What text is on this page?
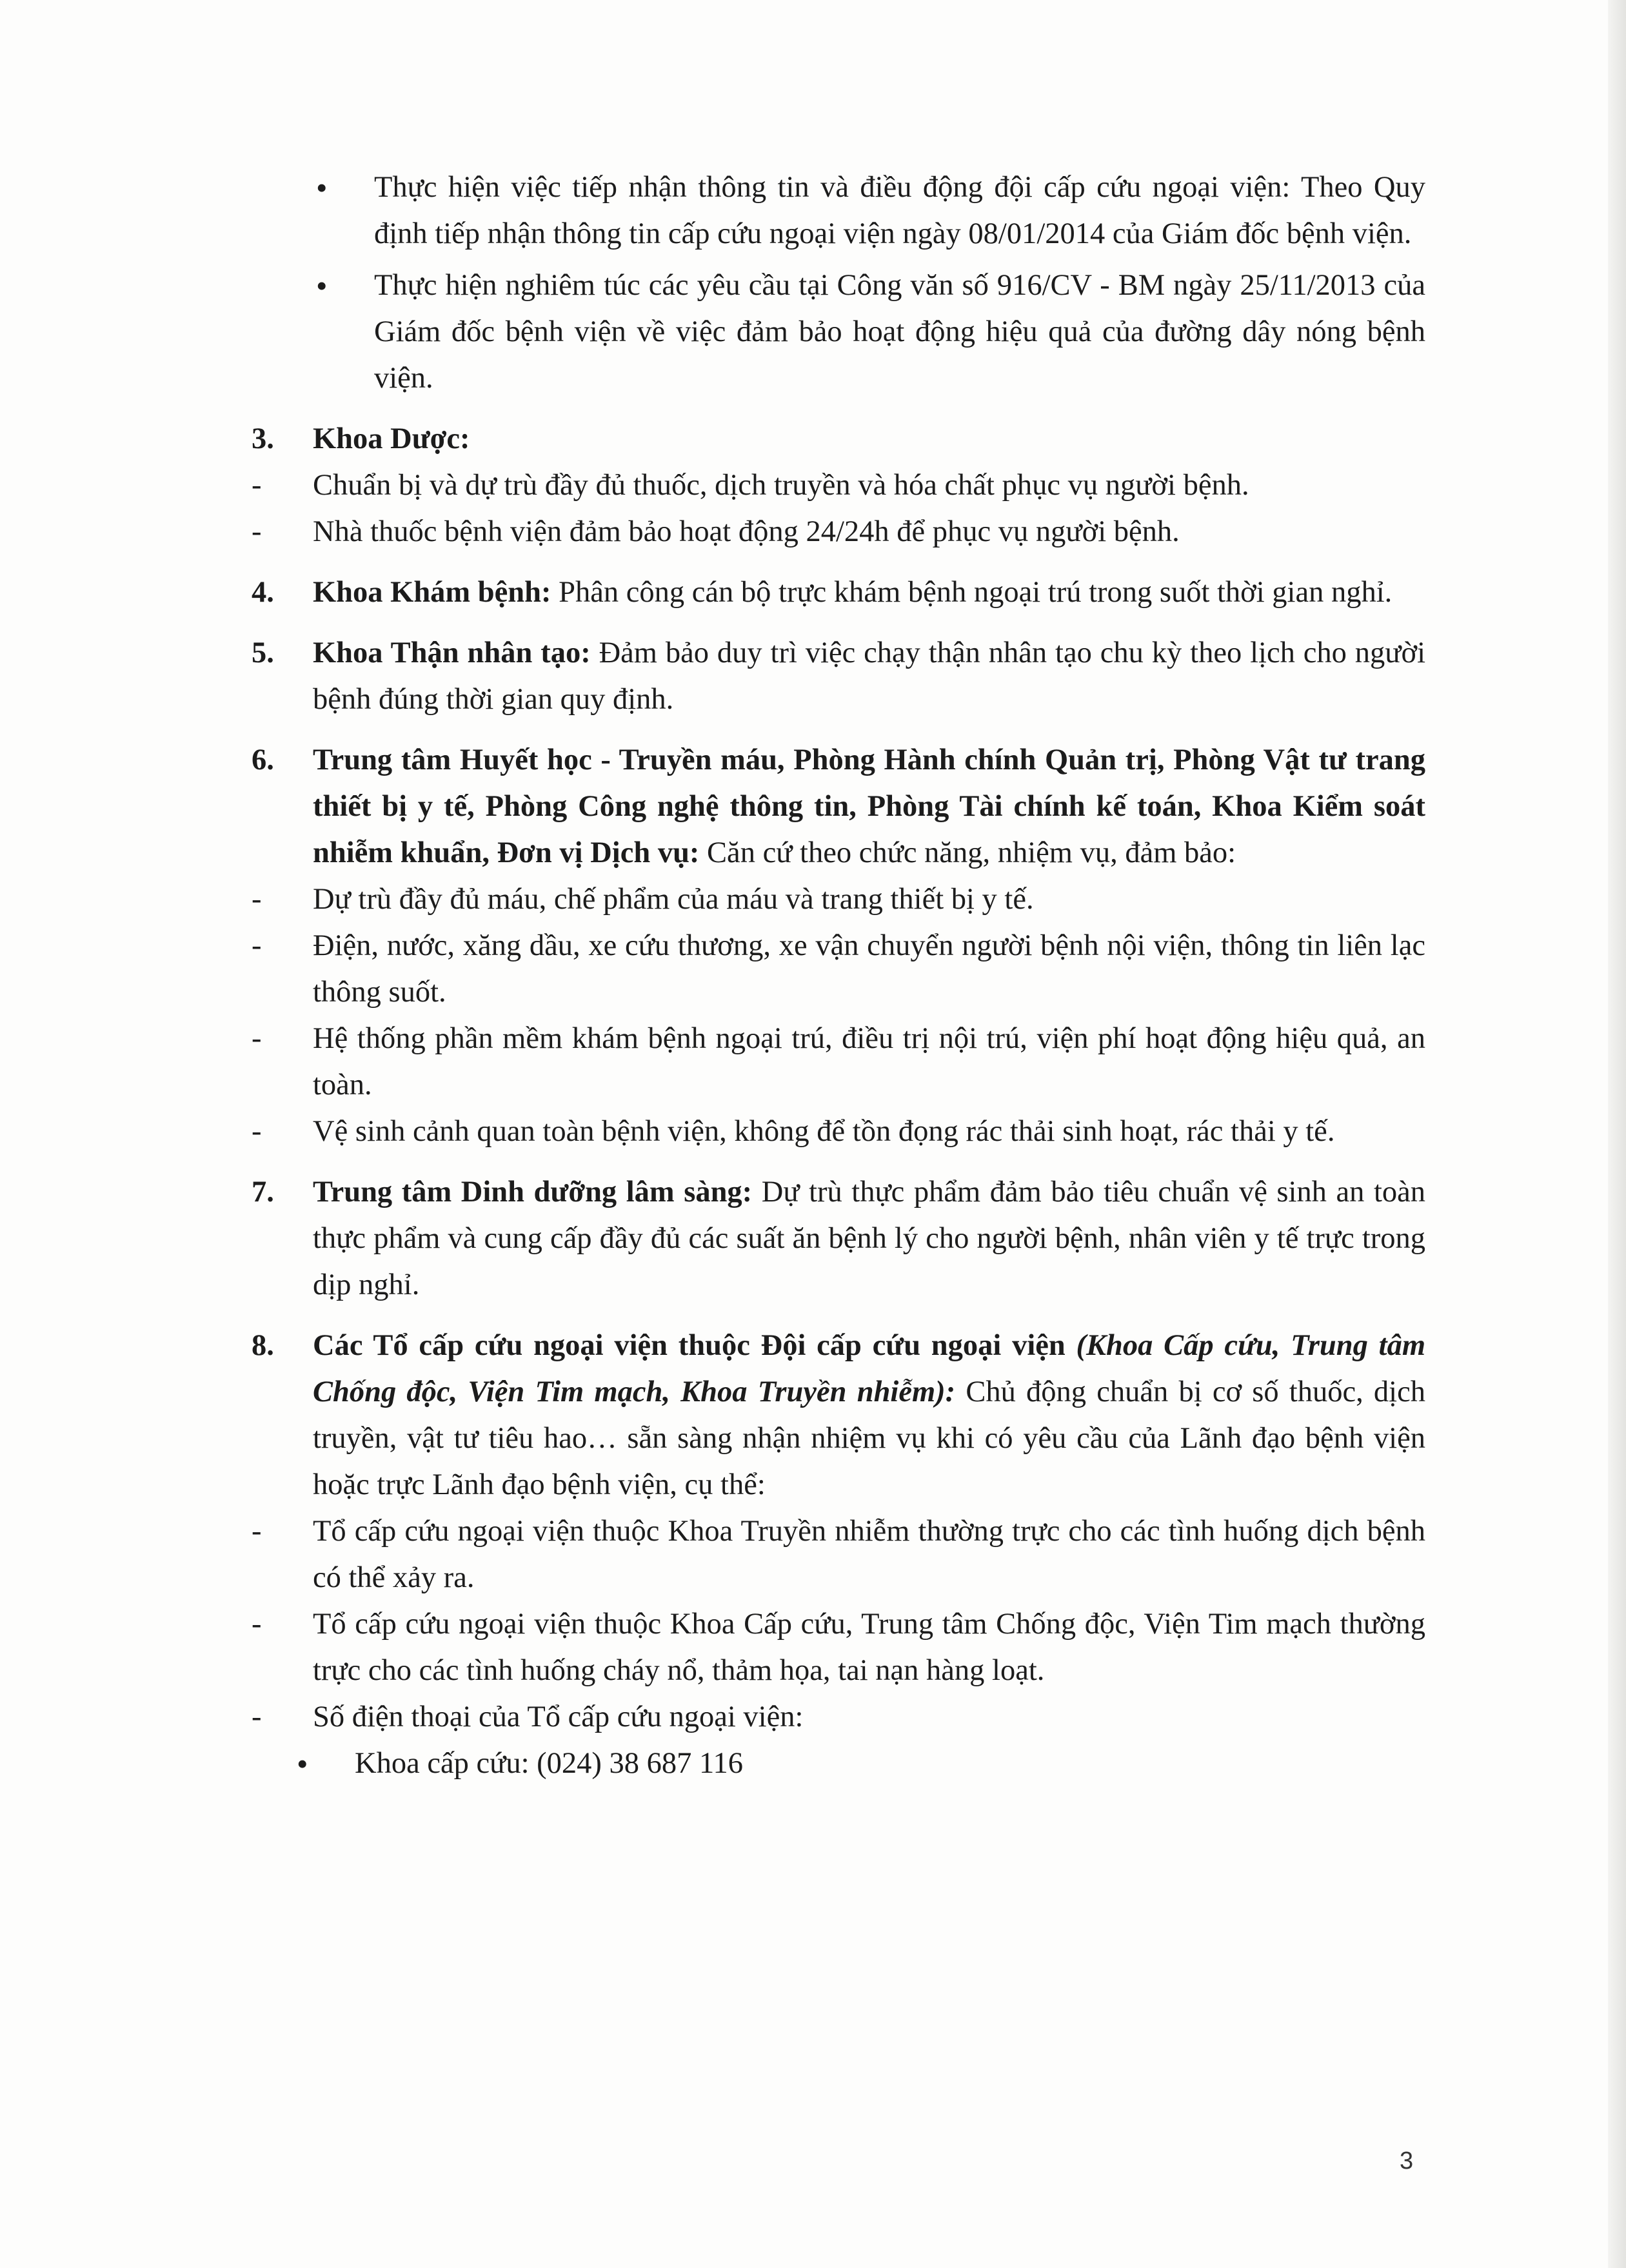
• Thực hiện việc tiếp nhận thông tin và điều động đội cấp cứu ngoại viện: Theo Quy định tiếp nhận thông tin cấp cứu ngoại viện ngày 08/01/2014 của Giám đốc bệnh viện.
• Thực hiện nghiêm túc các yêu cầu tại Công văn số 916/CV - BM ngày 25/11/2013 của Giám đốc bệnh viện về việc đảm bảo hoạt động hiệu quả của đường dây nóng bệnh viện.
3. Khoa Dược:
- Chuẩn bị và dự trù đầy đủ thuốc, dịch truyền và hóa chất phục vụ người bệnh.
- Nhà thuốc bệnh viện đảm bảo hoạt động 24/24h để phục vụ người bệnh.
4. Khoa Khám bệnh: Phân công cán bộ trực khám bệnh ngoại trú trong suốt thời gian nghỉ.
5. Khoa Thận nhân tạo: Đảm bảo duy trì việc chạy thận nhân tạo chu kỳ theo lịch cho người bệnh đúng thời gian quy định.
6. Trung tâm Huyết học - Truyền máu, Phòng Hành chính Quản trị, Phòng Vật tư trang thiết bị y tế, Phòng Công nghệ thông tin, Phòng Tài chính kế toán, Khoa Kiểm soát nhiễm khuẩn, Đơn vị Dịch vụ: Căn cứ theo chức năng, nhiệm vụ, đảm bảo:
- Dự trù đầy đủ máu, chế phẩm của máu và trang thiết bị y tế.
- Điện, nước, xăng dầu, xe cứu thương, xe vận chuyển người bệnh nội viện, thông tin liên lạc thông suốt.
- Hệ thống phần mềm khám bệnh ngoại trú, điều trị nội trú, viện phí hoạt động hiệu quả, an toàn.
- Vệ sinh cảnh quan toàn bệnh viện, không để tồn đọng rác thải sinh hoạt, rác thải y tế.
7. Trung tâm Dinh dưỡng lâm sàng: Dự trù thực phẩm đảm bảo tiêu chuẩn vệ sinh an toàn thực phẩm và cung cấp đầy đủ các suất ăn bệnh lý cho người bệnh, nhân viên y tế trực trong dịp nghỉ.
8. Các Tổ cấp cứu ngoại viện thuộc Đội cấp cứu ngoại viện (Khoa Cấp cứu, Trung tâm Chống độc, Viện Tim mạch, Khoa Truyền nhiễm): Chủ động chuẩn bị cơ số thuốc, dịch truyền, vật tư tiêu hao… sẵn sàng nhận nhiệm vụ khi có yêu cầu của Lãnh đạo bệnh viện hoặc trực Lãnh đạo bệnh viện, cụ thể:
- Tổ cấp cứu ngoại viện thuộc Khoa Truyền nhiễm thường trực cho các tình huống dịch bệnh có thể xảy ra.
- Tổ cấp cứu ngoại viện thuộc Khoa Cấp cứu, Trung tâm Chống độc, Viện Tim mạch thường trực cho các tình huống cháy nổ, thảm họa, tai nạn hàng loạt.
- Số điện thoại của Tổ cấp cứu ngoại viện:
• Khoa cấp cứu: (024) 38 687 116
3
